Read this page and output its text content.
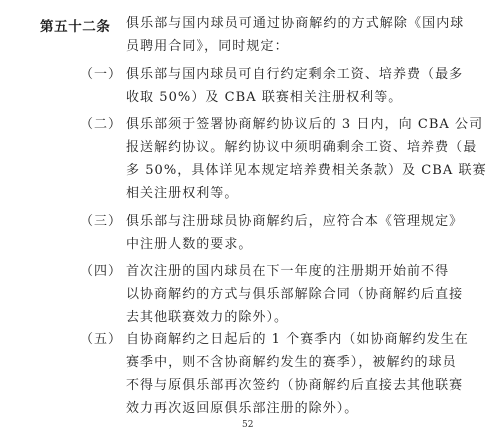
第五十二条 俱乐部与国内球员可通过协商解约的方式解除《国内球
员聘用合同》，同时规定：
（一） 俱乐部与国内球员可自行约定剩余工资、培养费（最多
收取 50%）及 CBA 联赛相关注册权利等。
（二） 俱乐部须于签署协商解约协议后的 3 日内，向 CBA 公司
报送解约协议。解约协议中须明确剩余工资、培养费（最
多 50%，具体详见本规定培养费相关条款）及 CBA 联赛
相关注册权利等。
（三） 俱乐部与注册球员协商解约后，应符合本《管理规定》
中注册人数的要求。
（四） 首次注册的国内球员在下一年度的注册期开始前不得
以协商解约的方式与俱乐部解除合同（协商解约后直接
去其他联赛效力的除外）。
（五） 自协商解约之日起后的 1 个赛季内（如协商解约发生在
赛季中，则不含协商解约发生的赛季），被解约的球员
不得与原俱乐部再次签约（协商解约后直接去其他联赛
效力再次返回原俱乐部注册的除外）。
52
